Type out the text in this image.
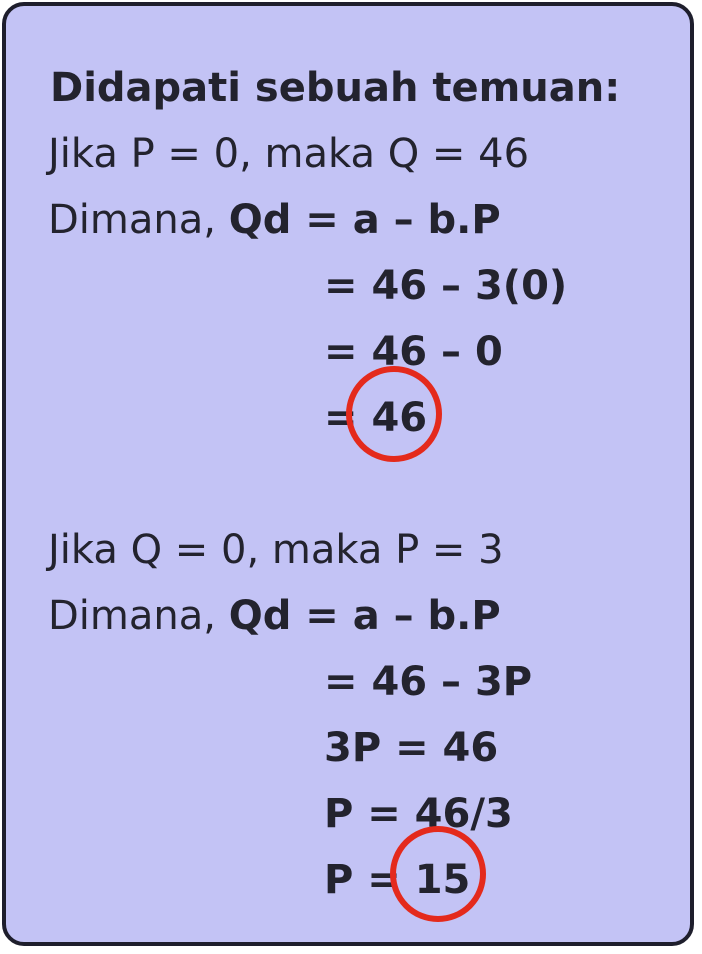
Didapati sebuah temuan:
Jika P = 0, maka Q = 46
Dimana, Qd = a – b.P
= 46 – 3(0)
= 46 – 0
= 46
Jika Q = 0, maka P = 3
Dimana, Qd = a – b.P
= 46 – 3P
3P = 46
P = 46/3
P = 15
